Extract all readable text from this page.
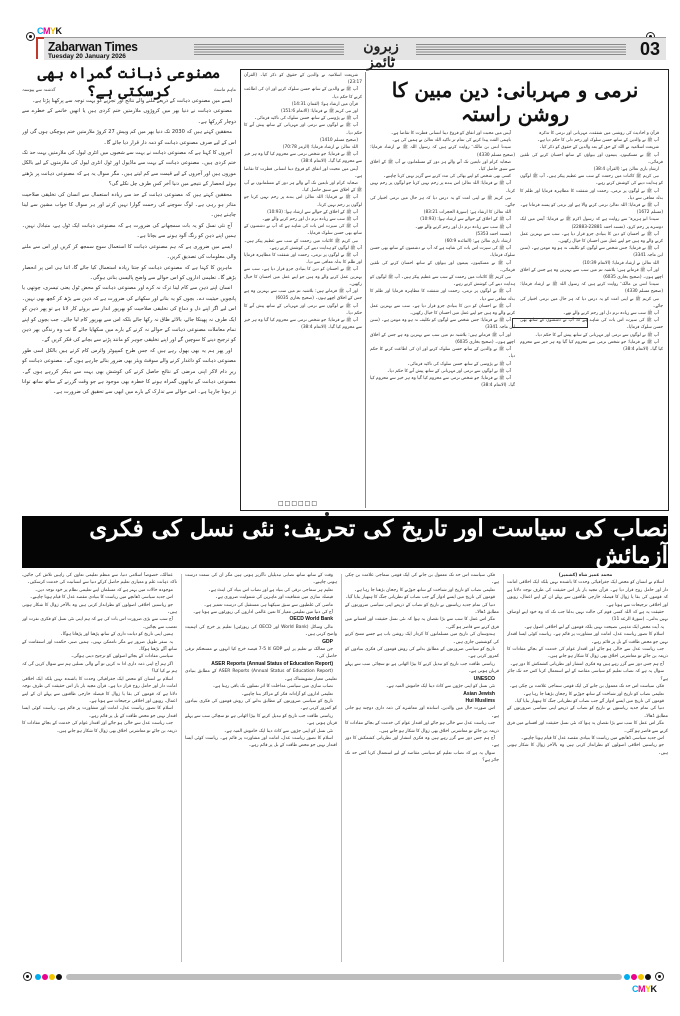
CMYK
Zabarwan Times
Tuesday 20 January 2026
زبرون ٹائمز
03
مصنوعی ذہانت گمراہ بھی کرسکتی ہے؟	ماہم ماسٹ
گذشتہ سے پیوستہ

ایسے میں مصنوعی ذہانت کے ذریعے ملنے والے نتائج اور تجزیے کو بہت توجہ سے پرکھنا پڑتا ہے۔

مصنوعی ذہانت نے دنیا بھر میں کروڑوں ملازمتیں ختم کردی ہیں یا انھیں خاتمے کے خطرے سے دوچار کررکھا ہے۔

محققین کہتے ہیں کہ 2030 تک دنیا بھر میں کم وبیش 27 کروڑ ملازمتیں ختم ہوچکی ہوں گی اور اس کے لیے صرف مصنوعی ذہانت کو ذمہ دار قرار دیا جائے گا۔

آجروں کا کہنا ہے کہ مصنوعی ذہانت نے بہت سے شعبوں میں انٹری لیول کی ملازمتیں بہت حد تک ختم کردی ہیں۔ مصنوعی ذہانت کے بہت سے ماڈیول اور ٹول انٹری لیول کی ملازمتوں کے لیے بالکل موزوں ہیں اور آجروں کے لیے قیمت سے کم لیتے ہیں۔ مگر سوال یہ ہے کہ مصنوعی ذہانت پر بڑھتے ہوئے انحصار کے نتیجے میں دنیا آخر کس طرف چل نکلے گی؟

محققین کہتے ہیں کہ مصنوعی ذہانت کے حد سے زیادہ استعمال سے انسان کی تخلیقی صلاحیت متاثر ہو رہی ہے۔ لوگ سوچنے کی زحمت گوارا نہیں کرتے اور ہر سوال کا جواب مشین سے لینا چاہتے ہیں۔

آج نئی نسل کو یہ بات سمجھانے کی ضرورت ہے کہ مصنوعی ذہانت ایک ٹول ہے، متبادل نہیں۔ ہمیں اپنے ذہن کو زنگ آلود ہونے سے بچانا ہے۔

ایسے میں ضروری ہے کہ ہم مصنوعی ذہانت کا استعمال سوچ سمجھ کر کریں اور اس سے ملنے والی معلومات کی تصدیق کریں۔

ماہرین کا کہنا ہے کہ مصنوعی ذہانت کو جتنا زیادہ استعمال کیا جائے گا، اتنا ہی اس پر انحصار بڑھے گا۔ تعلیمی اداروں کو اس حوالے سے واضح پالیسی بنانی ہوگی۔

انسان اپنے ذہن سے کام لینا ترک نہ کرے اور مصنوعی ذہانت کو محض ٹول یعنی تیسری، چوتھی یا پانچویں حیثیت دے۔ بچوں کو یہ بتانے اور سکھانے کی ضرورت ہے کہ ذہن سے بڑھ کر کچھ بھی نہیں۔ اس لیے اگر اپنے دل و دماغ کی تخلیقی صلاحیت کو بھرپور انداز سے بروئے کار لانا ہے تو پھر ذہن کو ایک طرف نہ پھینکا جائے، بالائے طاق نہ رکھا جائے بلکہ اس سے بھرپور کام لیا جائے۔ جب بچوں کو اپنے تمام معاملات مصنوعی ذہانت کے حوالے نہ کرنے کے بارے میں سکھایا جائے گا تب وہ زندگی بھر ذہن کو ترجیح دینے کا سوچیں گے اور اپنے تخلیقی جوہر کو مانند پڑنے سے بچانے کی فکر کریں گے۔

اور پھر ہم یہ بھی بھول رہے ہیں کہ جس طرح کمپیوٹر وائرس کام کرتے ہیں بالکل اسی طور مصنوعی ذہانت کو داغدار کرنے والے سوفٹ ویئر بھی ضرور بنائے جارہے ہوں گے۔ مصنوعی ذہانت کو زیرِ دام لاکر اپنی مرضی کے نتائج حاصل کرنے کی کوشش بھی بہت سے ہیکر کررہے ہوں گے۔ مصنوعی ذہانت کے ہاتھوں گمراہ ہونے کا خطرہ بھی موجود ہے جو وقت گزرنے کے ساتھ ساتھ توانا تر ہوتا جارہا ہے۔ اس حوالے سے تدارک کے بارے میں ابھی سے تحقیق کی ضرورت ہے۔

نرمی و مہربانی: دین مبین کا روشن راستہ

شریعت اسلامیہ نے والدین کے حقوق کو ذکر کیا۔ (القرآن 23:17)

آپ ﷺ نے والدین کے ساتھ حسن سلوک کرنے اور ان کی اطاعت کرنے کا حکم دیا۔

قرآن میں ارشاد ہوا: (لقمان 14:31)

اور نبی کریم ﷺ نے فرمایا: (الانعام 151:6)

آپ ﷺ نے پڑوسی کے ساتھ حسن سلوک کی تاکید فرمائی۔

آپ ﷺ نے لوگوں سے نرمی اور مہربانی کے ساتھ پیش آنے کا حکم دیا۔

(صحیح مسلم 1410)

اللہ تعالیٰ نے ارشاد فرمایا: (الزمر 70:78)

آپ ﷺ نے فرمایا: جو شخص نرمی سے محروم کیا گیا وہ ہر خیر سے محروم کیا گیا۔ (الانعام 38:4)

آپس میں محبت اور اتفاق کو فروغ دینا انسانی فطرت کا تقاضا ہے۔

صحابہ کرام اور تابعین تک آنے والے ہر دور کے مسلمانوں نے آپ ﷺ کے اخلاق سے سبق حاصل کیا۔

آپ ﷺ نے فرمایا: اللہ تعالیٰ اس بندے پر رحم نہیں کرتا جو لوگوں پر رحم نہیں کرتا۔

آپ ﷺ کے اخلاق کے حوالے سے ارشاد ہوا: (10:93)

آپ ﷺ سب سے زیادہ نرم دل اور رحم کرنے والے تھے۔

آپ ﷺ کی سیرت اس بات کی شاہد ہے کہ آپ نے دشمنوں کے ساتھ بھی حسن سلوک فرمایا۔

نبی کریم ﷺ کائنات میں رحمت کے سب سے عظیم پیکر ہیں۔ آپ ﷺ لوگوں کو ہدایت دینے کی کوشش کرتے رہے۔

آپ ﷺ نے لوگوں پر نرمی، رحمت اور شفقت کا مظاہرہ فرمایا اور ظلم کا بدلہ معافی سے دیا۔

آپ ﷺ نے احسان کو دین کا بنیادی جزو قرار دیا ہے۔ سب سے بہترین عمل کرنے والے وہ ہیں جو اپنے عمل میں احسان کا خیال رکھیں۔

اور آپ ﷺ فرماتے ہیں: بلاشبہ تم میں سب سے بہترین وہ ہے جس کے اخلاق اچھے ہوں۔ (صحیح بخاری 6035)

آپ ﷺ نے لوگوں سے نرمی اور مہربانی کے ساتھ پیش آنے کا حکم دیا۔

آپ ﷺ نے فرمایا: جو شخص نرمی سے محروم کیا گیا وہ ہر خیر سے محروم کیا گیا۔ (الانعام 38:4)

□□□□□□

آپس میں محبت اور اتفاق کو فروغ دینا انسانی فطرت کا تقاضا ہے۔

باہمی الفت پیدا کرنے کی تمام تر تاکید اللہ تعالیٰ نے ہمیں کی ہے۔

سیدنا انس بن مالک ؓ روایت کرتے ہیں کہ رسول اللہ ﷺ نے ارشاد فرمایا: (صحیح مسلم 4330)

صحابہ کرام اور تابعین تک آنے والے ہر دور کے مسلمانوں نے آپ ﷺ کے اخلاق سے سبق حاصل کیا۔

کسی بھی شخص کو اپنے بھائی کی مدد کرنے سے گریز نہیں کرنا چاہیے۔

آپ ﷺ نے فرمایا: اللہ تعالیٰ اس بندے پر رحم نہیں کرتا جو لوگوں پر رحم نہیں کرتا۔

نبی کریم ﷺ نے اپنی امت کو یہ درس دیا کہ ہر حال میں نرمی اختیار کی جائے۔

اللہ تعالیٰ کا ارشاد ہے: (سورۃ الحجرات 83:21)

آپ ﷺ کے اخلاق کے حوالے سے ارشاد ہوا: (10:93)

آپ ﷺ سب سے زیادہ نرم دل اور رحم کرنے والے تھے۔

(مسند احمد 5353)

ارشاد باری تعالیٰ ہے: (المائدہ 60:9)

آپ ﷺ کی سیرت اس بات کی شاہد ہے کہ آپ نے دشمنوں کے ساتھ بھی حسن سلوک فرمایا۔

آپ ﷺ نے مسکینوں، یتیموں اور بیواؤں کے ساتھ احسان کرنے کی تلقین فرمائی۔

نبی کریم ﷺ کائنات میں رحمت کے سب سے عظیم پیکر ہیں۔ آپ ﷺ لوگوں کو ہدایت دینے کی کوشش کرتے رہے۔

آپ ﷺ نے لوگوں پر نرمی، رحمت اور شفقت کا مظاہرہ فرمایا اور ظلم کا بدلہ معافی سے دیا۔

آپ ﷺ نے احسان کو دین کا بنیادی جزو قرار دیا ہے۔ سب سے بہترین عمل کرنے والے وہ ہیں جو اپنے عمل میں احسان کا خیال رکھیں۔

آپ ﷺ نے فرمایا: جس شخص سے لوگوں کو تکلیف نہ ہو وہ مومن ہے۔ (سنن ابن ماجہ 3341)

اور آپ ﷺ فرماتے ہیں: بلاشبہ تم میں سب سے بہترین وہ ہے جس کے اخلاق اچھے ہوں۔ (صحیح بخاری 6035)

آپ ﷺ نے والدین کے ساتھ حسن سلوک کرنے اور ان کی اطاعت کرنے کا حکم دیا۔

آپ ﷺ نے پڑوسی کے ساتھ حسن سلوک کی تاکید فرمائی۔

آپ ﷺ نے لوگوں سے نرمی اور مہربانی کے ساتھ پیش آنے کا حکم دیا۔

آپ ﷺ نے فرمایا: جو شخص نرمی سے محروم کیا گیا وہ ہر خیر سے محروم کیا گیا۔ (الانعام 38:4)

قرآن و احادیث کی روشنی میں شفقت، مہربانی اور نرمی کا تذکرہ

آپ ﷺ نے والدین کے ساتھ حسن سلوک اور رحم دلی کا حکم دیا ہے۔

شریعت اسلامیہ نے اللہ کے حق کے بعد والدین کے حقوق کو ذکر کیا۔

آپ ﷺ نے مسکینوں، یتیموں اور بیواؤں کے ساتھ احسان کرنے کی تلقین فرمائی۔

ارشادِ باری تعالیٰ ہے: (القرآن 38:4)

نبی کریم ﷺ کائنات میں رحمت کے سب سے عظیم پیکر ہیں۔ آپ ﷺ لوگوں کو ہدایت دینے کی کوشش کرتے رہے۔

آپ ﷺ نے لوگوں پر نرمی، رحمت اور شفقت کا مظاہرہ فرمایا اور ظلم کا بدلہ معافی سے دیا۔

آپ ﷺ نے فرمایا: اللہ تعالیٰ نرمی کرنے والا ہے اور نرمی کو پسند فرماتا ہے۔ (مسلم 1672)

سیدنا ابو ہریرہ ؓ سے روایت ہے کہ رسول اکرم ﷺ نے فرمایا: آپس میں ایک دوسرے پر رحم کرو۔ (مسند احمد 22881-22883)

آپ ﷺ نے احسان کو دین کا بنیادی جزو قرار دیا ہے۔ سب سے بہترین عمل کرنے والے وہ ہیں جو اپنے عمل میں احسان کا خیال رکھیں۔

آپ ﷺ نے فرمایا: جس شخص سے لوگوں کو تکلیف نہ ہو وہ مومن ہے۔ (سنن ابن ماجہ 3341)

اللہ تعالیٰ نے ارشاد فرمایا: (الانعام 10:39)

اور آپ ﷺ فرماتے ہیں: بلاشبہ تم میں سب سے بہترین وہ ہے جس کے اخلاق اچھے ہوں۔ (صحیح بخاری 6035)

سیدنا انس بن مالک ؓ روایت کرتے ہیں کہ رسول اللہ ﷺ نے ارشاد فرمایا: (صحیح مسلم 4330)

نبی کریم ﷺ نے اپنی امت کو یہ درس دیا کہ ہر حال میں نرمی اختیار کی جائے۔

آپ ﷺ سب سے زیادہ نرم دل اور رحم کرنے والے تھے۔

آپ ﷺ کی سیرت اس بات کی شاہد ہے کہ آپ نے دشمنوں کے ساتھ بھی حسن سلوک فرمایا۔

آپ ﷺ نے لوگوں سے نرمی اور مہربانی کے ساتھ پیش آنے کا حکم دیا۔

آپ ﷺ نے فرمایا: جو شخص نرمی سے محروم کیا گیا وہ ہر خیر سے محروم کیا گیا۔ (الانعام 38:4)

نصاب کی سیاست اور تاریخ کی تحریف: نئی نسل کی فکری آزمائش

محمد عمیر شاہ (کشمیر)

اسلام نے انسان کو محض ایک جغرافیائی وحدت کا باشندہ نہیں بلکہ ایک اخلاقی امانت دار اور حامل روح قرار دیا ہے۔ قرآن مجید بار بار اس حقیقت کی طرف توجہ دلاتا ہے کہ قوموں کی بقا یا زوال کا فیصلہ خارجی طاقتوں سے پہلے ان کے اپنے اعمال، رویوں اور اخلاقی ترجیحات سے ہوتا ہے۔

حقیقت یہ ہے کہ اللہ کسی قوم کی حالت نہیں بدلتا جب تک کہ وہ خود اپنے اوصاف نہیں بدلتی۔ (سورۃ الرعد 11)

یہ آیت محض ایک مذہبی نصیحت نہیں بلکہ قوموں کے لیے اخلاقی اصول ہے۔

اسلام کا تصور ریاست عدل، امانت اور مشاورت پر قائم ہے۔ ریاست کوئی ایسا اقتدار نہیں جو محض طاقت کے بل پر قائم رہے۔

جب ریاست عدل سے خالی ہو جائے اور اقتدار عوام کی خدمت کے بجائے مفادات کا ذریعہ بن جائے تو معاشرتی اخلاق بھی زوال کا شکار ہو جاتے ہیں۔

آج ہم جس دور سے گزر رہے ہیں وہ فکری انتشار اور نظریاتی کشمکش کا دور ہے۔

سوال یہ ہے کہ نصاب تعلیم کو سیاسی مقاصد کے لیے استعمال کرنا کس حد تک جائز ہے؟

فکر، سیاست اس حد تک معمول بن جانے کی ایک قومی سماجی علامت بن چکی ہے۔

تعلیمی نصاب کو تاریخ اور شناخت کے ساتھ جوڑنے کا رجحان بڑھتا جا رہا ہے۔

قوموں کی تاریخ میں ایسے ادوار آئے جب نصاب کو نظریاتی جنگ کا ہتھیار بنایا گیا۔

دنیا کی تمام جدید ریاستوں نے تاریخ کو نصاب کے ذریعے اپنی سیاسی ضرورتوں کے مطابق ڈھالا۔

مگر اس عمل کا سب سے بڑا نقصان یہ ہوا کہ نئی نسل حقیقت اور افسانے میں فرق کرنے سے قاصر ہو گئی۔

اس جدید سیاسی ڈھانچے میں ریاست کا بنیادی مقصد عدل کا قیام ہونا چاہیے۔

جو ریاستیں اخلاقی اصولوں کو نظرانداز کرتی ہیں وہ بالآخر زوال کا شکار ہوتی ہیں۔

فکر، سیاست اس حد تک معمول بن جانے کی ایک قومی سماجی علامت بن چکی ہے۔

تعلیمی نصاب کو تاریخ اور شناخت کے ساتھ جوڑنے کا رجحان بڑھتا جا رہا ہے۔

قوموں کی تاریخ میں ایسے ادوار آئے جب نصاب کو نظریاتی جنگ کا ہتھیار بنایا گیا۔

دنیا کی تمام جدید ریاستوں نے تاریخ کو نصاب کے ذریعے اپنی سیاسی ضرورتوں کے مطابق ڈھالا۔

مگر اس عمل کا سب سے بڑا نقصان یہ ہوا کہ نئی نسل حقیقت اور افسانے میں فرق کرنے سے قاصر ہو گئی۔

ہندوستان کی تاریخ میں مسلمانوں کا کردار ایک روشن باب ہے جسے مسخ کرنے کی کوششیں جاری ہیں۔

تاریخ کو سیاسی ضرورتوں کے مطابق بدلنے کی روش قوموں کی فکری بنیادوں کو کمزور کرتی ہے۔

ریاستی طاقت جب تاریخ کو تبدیل کرنے کا بیڑا اٹھاتی ہے تو سچائی سب سے پہلے قربان ہوتی ہے۔

UNESCO

نئی نسل کو اپنی جڑوں سے کاٹ دینا ایک خاموش المیہ ہے۔

Asian Jewish

Hui Muslims

اس صورت حال میں والدین، اساتذہ اور معاشرے کی ذمہ داری دوچند ہو جاتی ہے۔

جب ریاست عدل سے خالی ہو جائے اور اقتدار عوام کی خدمت کے بجائے مفادات کا ذریعہ بن جائے تو معاشرتی اخلاق بھی زوال کا شکار ہو جاتے ہیں۔

آج ہم جس دور سے گزر رہے ہیں وہ فکری انتشار اور نظریاتی کشمکش کا دور ہے۔

سوال یہ ہے کہ نصاب تعلیم کو سیاسی مقاصد کے لیے استعمال کرنا کس حد تک جائز ہے؟

وقت کے ساتھ ساتھ نصابی تبدیلیاں ناگزیر ہوتی ہیں مگر ان کی سمت درست ہونی چاہیے۔

تعلیم ہر سماجی ترقی کی بنیاد ہے اور نصاب اس بنیاد کی اینٹ ہے۔

فیصلہ سازی میں شفافیت اور ماہرین کی شمولیت ضروری ہے۔

ماضی کی غلطیوں سے سبق سیکھنا ہی مستقبل کی درست تعمیر ہے۔

آج کی دنیا میں تعلیمی معیار کا تعین عالمی اداروں کی رپورٹوں سے ہوتا ہے۔

OECD World Bank

مالی وسائل (World Bank اور OECD کی رپورٹیں) تعلیم پر خرچ کی اہمیت واضح کرتی ہیں۔

GDP

جن ممالک نے تعلیم پر اپنے GDP کا 5-7 فیصد خرچ کیا انہوں نے مستحکم ترقی حاصل کی۔

ASER Reports (Annual Status of Education Report)

ASER Reports (Annual Status of Education Report) کے مطابق بنیادی تعلیمی معیار تشویشناک ہے۔

نصاب سازی میں سیاسی مداخلت کا اثر نسلوں تک باقی رہتا ہے۔

تعلیمی اداروں کو آزادانہ فکر کے مراکز بننا چاہیے۔

تاریخ کو سیاسی ضرورتوں کے مطابق بدلنے کی روش قوموں کی فکری بنیادوں کو کمزور کرتی ہے۔

ریاستی طاقت جب تاریخ کو تبدیل کرنے کا بیڑا اٹھاتی ہے تو سچائی سب سے پہلے قربان ہوتی ہے۔

نئی نسل کو اپنی جڑوں سے کاٹ دینا ایک خاموش المیہ ہے۔

اسلام کا تصور ریاست عدل، امانت اور مشاورت پر قائم ہے۔ ریاست کوئی ایسا اقتدار نہیں جو محض طاقت کے بل پر قائم رہے۔

عمالک، خصوصاً اسلامی دنیا، سے منظم تعلیمی تعاون کی راہیں تلاش کی جائیں، تاکہ ذہانت علم و معیاری تعلیم حاصل کرکے دنیا سے انسانیت کی خدمت کرسکیں۔

موجودہ حالات میں بہتر ہے کہ مسلمان اپنے تعلیمی نظام پر خود توجہ دیں۔

اس جدید سیاسی ڈھانچے میں ریاست کا بنیادی مقصد عدل کا قیام ہونا چاہیے۔

جو ریاستیں اخلاقی اصولوں کو نظرانداز کرتی ہیں وہ بالآخر زوال کا شکار ہوتی ہیں۔

آج سب سے بڑی ضرورت اس بات کی ہے کہ ہم اپنی نئی نسل کو فکری نفرت اور تعصب سے بچائیں۔

ہمیں اپنی تاریخ کو دیانت داری کے ساتھ پڑھنا اور پڑھانا ہوگا۔

یہ سفر طویل ضرور ہے مگر ناممکن نہیں۔ ہمیں صبر، حکمت اور استقامت کے ساتھ آگے بڑھنا ہوگا۔

سیاسی مفادات کے بجائے اصولوں کو ترجیح دینی ہوگی۔

اگر ہم آج اپنی ذمہ داری ادا نہ کریں تو آنے والی نسلیں ہم سے سوال کریں گی کہ ہم نے کیا کیا؟

اسلام نے انسان کو محض ایک جغرافیائی وحدت کا باشندہ نہیں بلکہ ایک اخلاقی امانت دار اور حامل روح قرار دیا ہے۔ قرآن مجید بار بار اس حقیقت کی طرف توجہ دلاتا ہے کہ قوموں کی بقا یا زوال کا فیصلہ خارجی طاقتوں سے پہلے ان کے اپنے اعمال، رویوں اور اخلاقی ترجیحات سے ہوتا ہے۔

اسلام کا تصور ریاست عدل، امانت اور مشاورت پر قائم ہے۔ ریاست کوئی ایسا اقتدار نہیں جو محض طاقت کے بل پر قائم رہے۔

جب ریاست عدل سے خالی ہو جائے اور اقتدار عوام کی خدمت کے بجائے مفادات کا ذریعہ بن جائے تو معاشرتی اخلاق بھی زوال کا شکار ہو جاتے ہیں۔

CMYK
